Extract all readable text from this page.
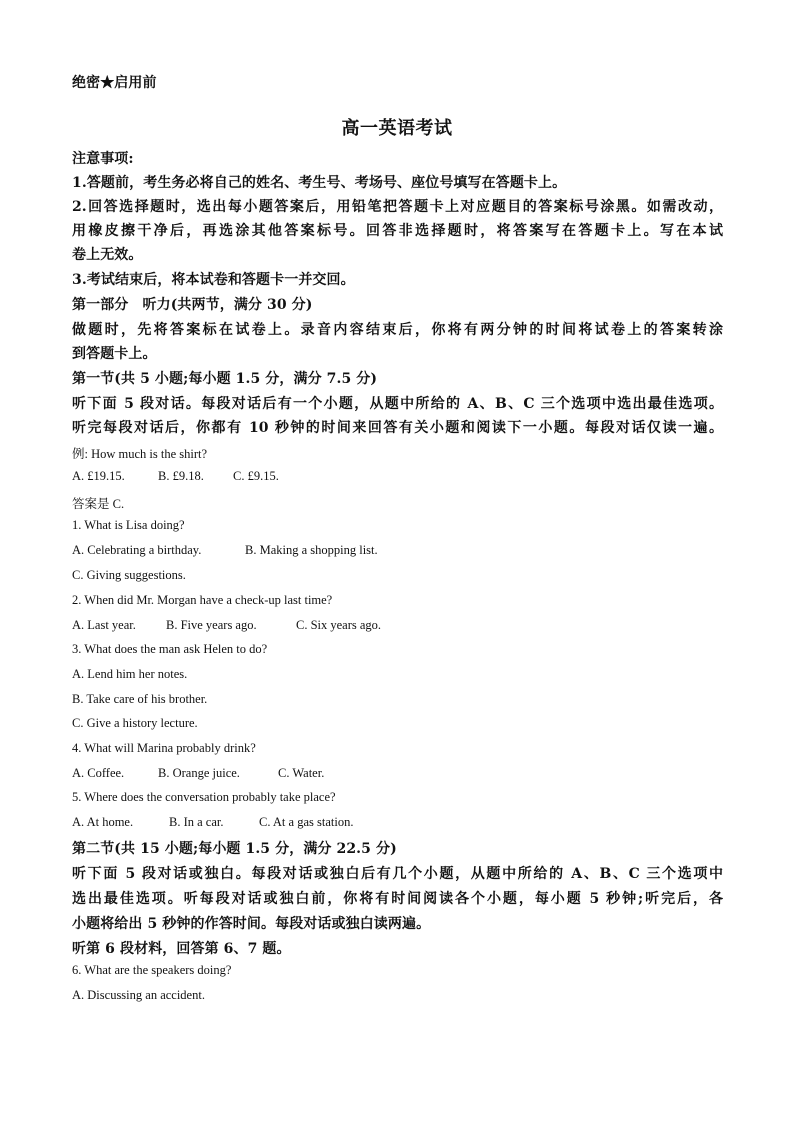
绝密★启用前
高一英语考试
注意事项:
1.答题前，考生务必将自己的姓名、考生号、考场号、座位号填写在答题卡上。
2.回答选择题时，选出每小题答案后，用铅笔把答题卡上对应题目的答案标号涂黑。如需改动，
用橡皮擦干净后，再选涂其他答案标号。回答非选择题时，将答案写在答题卡上。写在本试
卷上无效。
3.考试结束后，将本试卷和答题卡一并交回。
第一部分　听力(共两节，满分 30 分)
做题时，先将答案标在试卷上。录音内容结束后，你将有两分钟的时间将试卷上的答案转涂
到答题卡上。
第一节(共 5 小题;每小题 1.5 分，满分 7.5 分)
听下面 5 段对话。每段对话后有一个小题，从题中所给的 A、B、C 三个选项中选出最佳选项。
听完每段对话后，你都有 10 秒钟的时间来回答有关小题和阅读下一小题。每段对话仅读一遍。
例: How much is the shirt?
A. £19.15.	B. £9.18. C. £9.15.
答案是 C.
1. What is Lisa doing?
A. Celebrating a birthday.	B. Making a shopping list.
C. Giving suggestions.
2. When did Mr. Morgan have a check-up last time?
A. Last year. B. Five years ago.	C. Six years ago.
3. What does the man ask Helen to do?
A. Lend him her notes.
B. Take care of his brother.
C. Give a history lecture.
4. What will Marina probably drink?
A. Coffee.	B. Orange juice.	C. Water.
5. Where does the conversation probably take place?
A. At home.	B. In a car.	C. At a gas station.
第二节(共 15 小题;每小题 1.5 分，满分 22.5 分)
听下面 5 段对话或独白。每段对话或独白后有几个小题，从题中所给的 A、B、C 三个选项中
选出最佳选项。听每段对话或独白前，你将有时间阅读各个小题，每小题 5 秒钟;听完后，各
小题将给出 5 秒钟的作答时间。每段对话或独白读两遍。
听第 6 段材料，回答第 6、7 题。
6. What are the speakers doing?
A. Discussing an accident.
